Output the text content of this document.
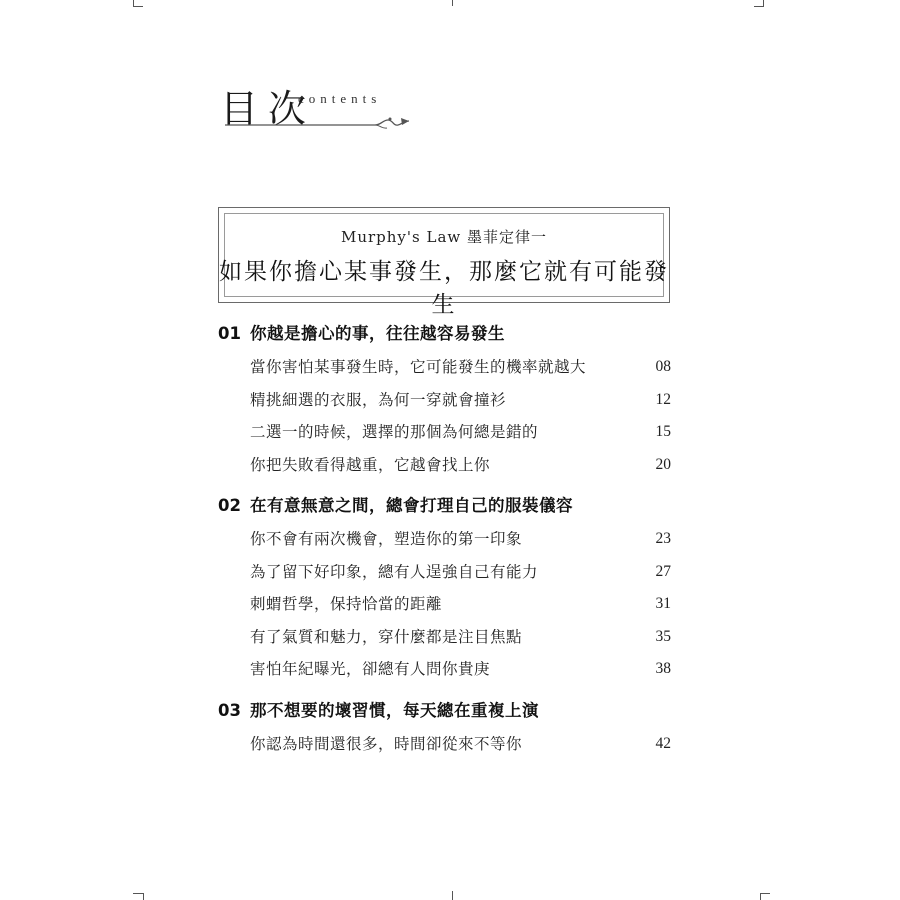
目次
contents
Murphy's Law 墨菲定律一
如果你擔心某事發生，那麼它就有可能發生
01 你越是擔心的事，往往越容易發生
當你害怕某事發生時，它可能發生的機率就越大	08
精挑細選的衣服，為何一穿就會撞衫	12
二選一的時候，選擇的那個為何總是錯的	15
你把失敗看得越重，它越會找上你	20
02 在有意無意之間，總會打理自己的服裝儀容
你不會有兩次機會，塑造你的第一印象	23
為了留下好印象，總有人逞強自己有能力	27
刺蝟哲學，保持恰當的距離	31
有了氣質和魅力，穿什麼都是注目焦點	35
害怕年紀曝光，卻總有人問你貴庚	38
03 那不想要的壞習慣，每天總在重複上演
你認為時間還很多，時間卻從來不等你	42
